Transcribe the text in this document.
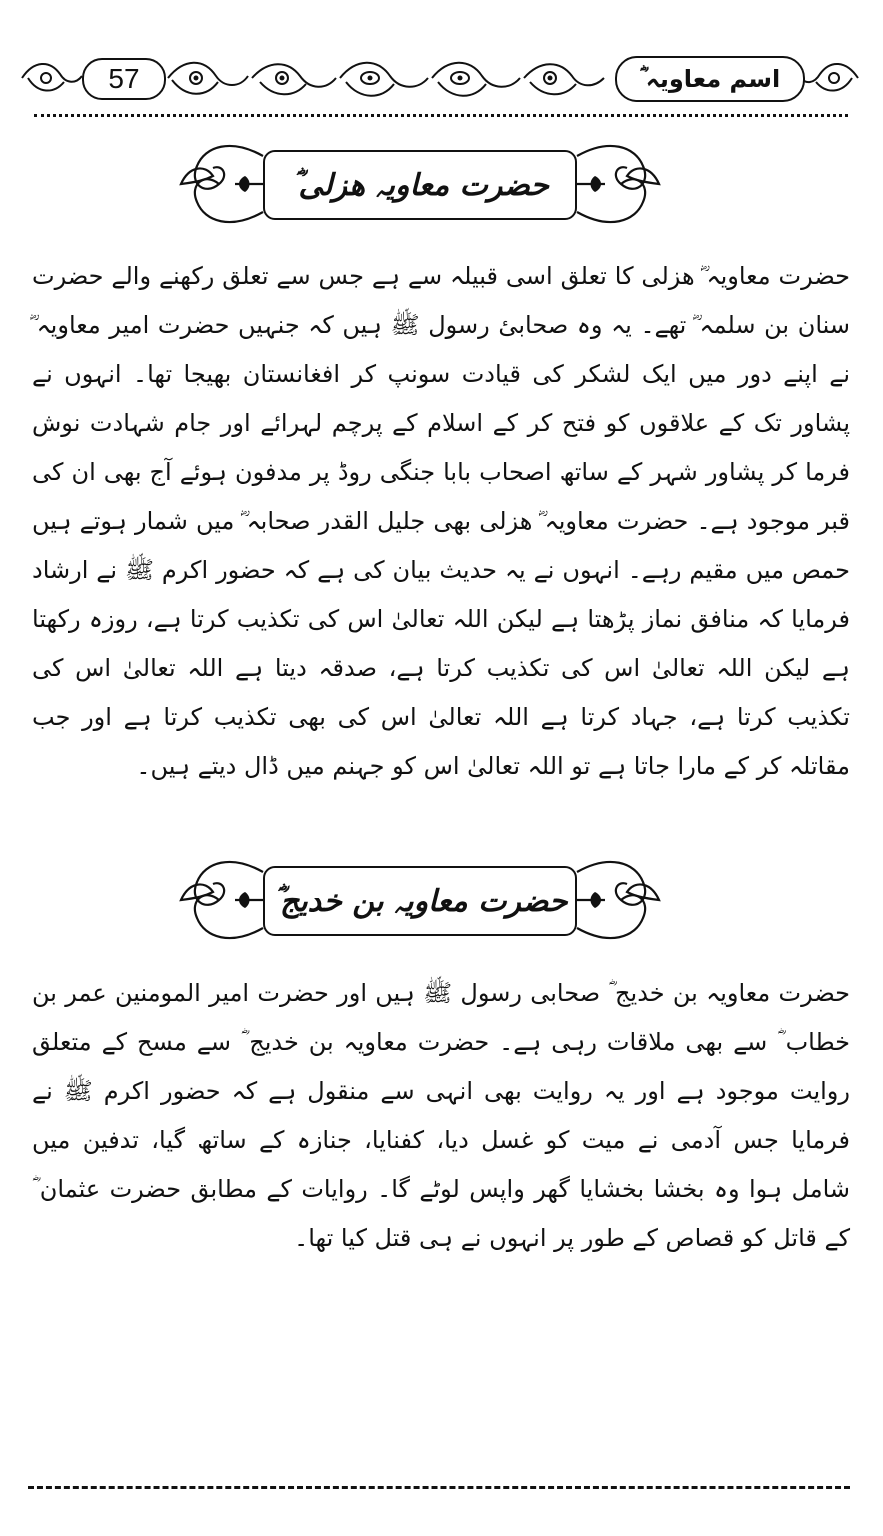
57	اسم معاویہ ؓ
حضرت معاویہ ھزلی ؓ

حضرت معاویہ ؓ ھزلی کا تعلق اسی قبیلہ سے ہے جس سے تعلق رکھنے والے حضرت سنان بن سلمہ ؓ تھے۔ یہ وہ صحابیٔ رسول ﷺ ہیں کہ جنہیں حضرت امیر معاویہ ؓ نے اپنے دور میں ایک لشکر کی قیادت سونپ کر افغانستان بھیجا تھا۔ انہوں نے پشاور تک کے علاقوں کو فتح کر کے اسلام کے پرچم لہرائے اور جام شہادت نوش فرما کر پشاور شہر کے ساتھ اصحاب بابا جنگی روڈ پر مدفون ہوئے آج بھی ان کی قبر موجود ہے۔ حضرت معاویہ ؓ ھزلی بھی جلیل القدر صحابہ ؓ میں شمار ہوتے ہیں حمص میں مقیم رہے۔ انہوں نے یہ حدیث بیان کی ہے کہ حضور اکرم ﷺ نے ارشاد فرمایا کہ منافق نماز پڑھتا ہے لیکن اللہ تعالیٰ اس کی تکذیب کرتا ہے، روزہ رکھتا ہے لیکن اللہ تعالیٰ اس کی تکذیب کرتا ہے، صدقہ دیتا ہے اللہ تعالیٰ اس کی تکذیب کرتا ہے، جہاد کرتا ہے اللہ تعالیٰ اس کی بھی تکذیب کرتا ہے اور جب مقاتلہ کر کے مارا جاتا ہے تو اللہ تعالیٰ اس کو جہنم میں ڈال دیتے ہیں۔

حضرت معاویہ بن خدیج ؓ

حضرت معاویہ بن خدیج ؓ صحابی رسول ﷺ ہیں اور حضرت امیر المومنین عمر بن خطاب ؓ سے بھی ملاقات رہی ہے۔ حضرت معاویہ بن خدیج ؓ سے مسح کے متعلق روایت موجود ہے اور یہ روایت بھی انہی سے منقول ہے کہ حضور اکرم ﷺ نے فرمایا جس آدمی نے میت کو غسل دیا، کفنایا، جنازہ کے ساتھ گیا، تدفین میں شامل ہوا وہ بخشا بخشایا گھر واپس لوٹے گا۔ روایات کے مطابق حضرت عثمان ؓ کے قاتل کو قصاص کے طور پر انہوں نے ہی قتل کیا تھا۔
